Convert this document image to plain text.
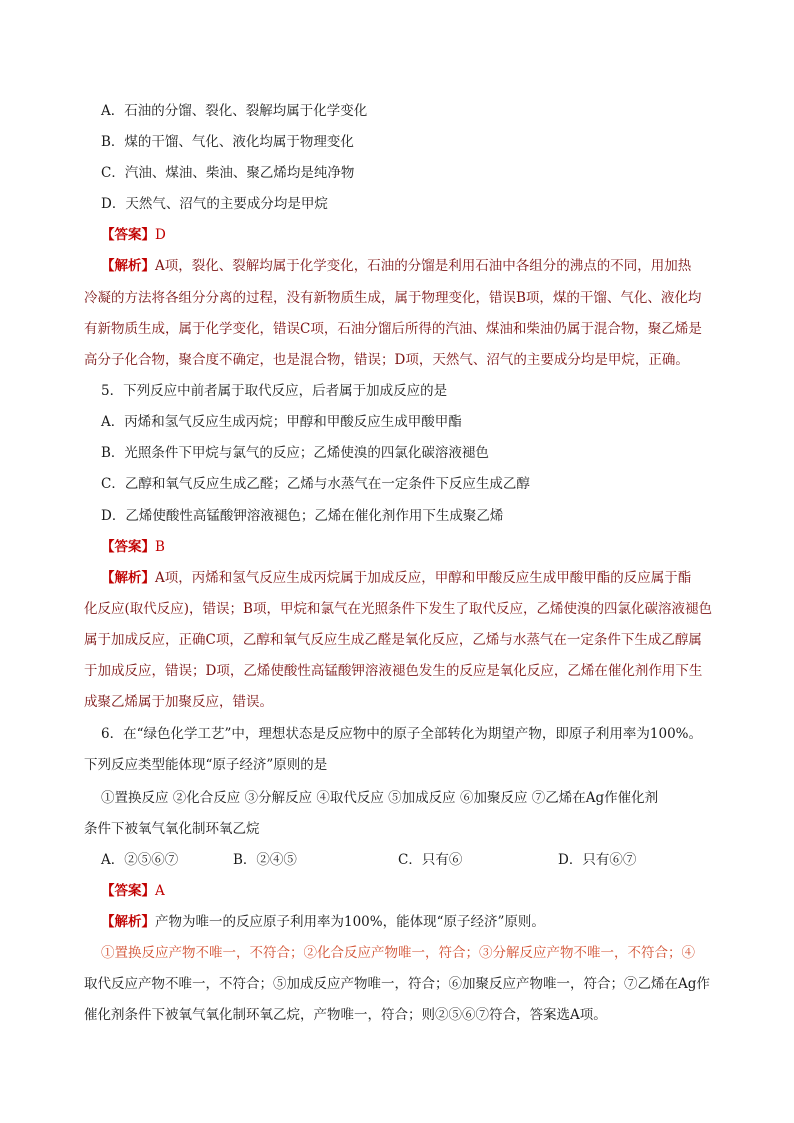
A．石油的分馏、裂化、裂解均属于化学变化
B．煤的干馏、气化、液化均属于物理变化
C．汽油、煤油、柴油、聚乙烯均是纯净物
D．天然气、沼气的主要成分均是甲烷
【答案】D
【解析】A项，裂化、裂解均属于化学变化，石油的分馏是利用石油中各组分的沸点的不同，用加热
冷凝的方法将各组分分离的过程，没有新物质生成，属于物理变化，错误B项，煤的干馏、气化、液化均
有新物质生成，属于化学变化，错误C项，石油分馏后所得的汽油、煤油和柴油仍属于混合物，聚乙烯是
高分子化合物，聚合度不确定，也是混合物，错误；D项，天然气、沼气的主要成分均是甲烷，正确。
5．下列反应中前者属于取代反应，后者属于加成反应的是
A．丙烯和氢气反应生成丙烷；甲醇和甲酸反应生成甲酸甲酯
B．光照条件下甲烷与氯气的反应；乙烯使溴的四氯化碳溶液褪色
C．乙醇和氧气反应生成乙醛；乙烯与水蒸气在一定条件下反应生成乙醇
D．乙烯使酸性高锰酸钾溶液褪色；乙烯在催化剂作用下生成聚乙烯
【答案】B
【解析】A项，丙烯和氢气反应生成丙烷属于加成反应，甲醇和甲酸反应生成甲酸甲酯的反应属于酯
化反应(取代反应)，错误；B项，甲烷和氯气在光照条件下发生了取代反应，乙烯使溴的四氯化碳溶液褪色
属于加成反应，正确C项，乙醇和氧气反应生成乙醛是氧化反应，乙烯与水蒸气在一定条件下生成乙醇属
于加成反应，错误；D项，乙烯使酸性高锰酸钾溶液褪色发生的反应是氧化反应，乙烯在催化剂作用下生
成聚乙烯属于加聚反应，错误。
6．在“绿色化学工艺”中，理想状态是反应物中的原子全部转化为期望产物，即原子利用率为100%。
下列反应类型能体现“原子经济”原则的是
①置换反应 ②化合反应 ③分解反应 ④取代反应 ⑤加成反应 ⑥加聚反应 ⑦乙烯在Ag作催化剂
条件下被氧气氧化制环氧乙烷
A．②⑤⑥⑦	B．②④⑤	C．只有⑥	D．只有⑥⑦
【答案】A
【解析】产物为唯一的反应原子利用率为100%，能体现“原子经济”原则。
①置换反应产物不唯一，不符合；②化合反应产物唯一，符合；③分解反应产物不唯一，不符合；④
取代反应产物不唯一，不符合；⑤加成反应产物唯一，符合；⑥加聚反应产物唯一，符合；⑦乙烯在Ag作
催化剂条件下被氧气氧化制环氧乙烷，产物唯一，符合；则②⑤⑥⑦符合，答案选A项。
